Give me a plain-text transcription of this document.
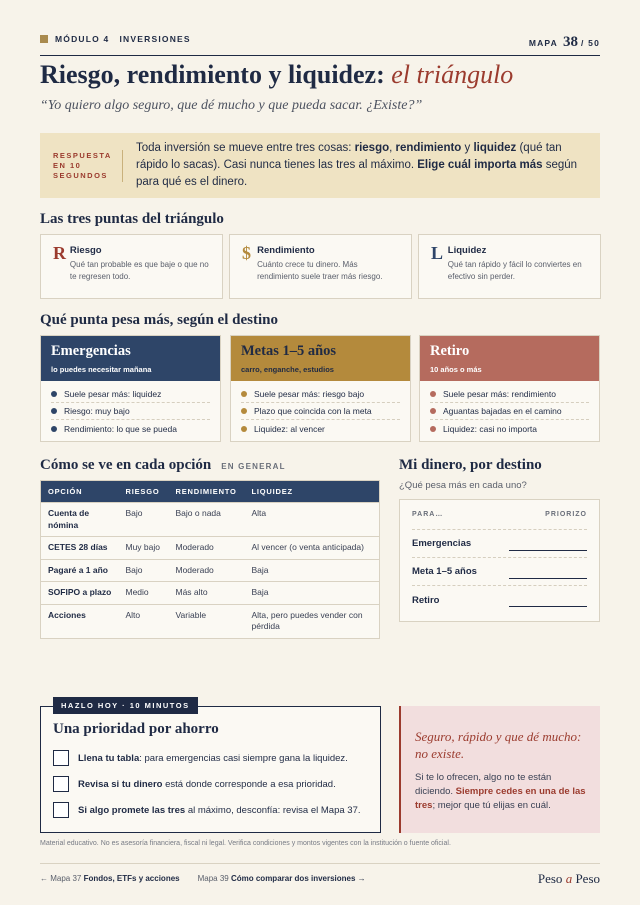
MÓDULO 4 INVERSIONES	MAPA 38 / 50
Riesgo, rendimiento y liquidez: el triángulo

“Yo quiero algo seguro, que dé mucho y que pueda sacar. ¿Existe?”

RESPUESTA
EN 10
SEGUNDOS

Toda inversión se mueve entre tres cosas: riesgo, rendimiento y liquidez (qué tan rápido lo sacas). Casi nunca tienes las tres al máximo. Elige cuál importa más según para qué es el dinero.

Las tres puntas del triángulo
R Riesgo
Qué tan probable es que baje o que no te regresen todo.
$ Rendimiento
Cuánto crece tu dinero. Más rendimiento suele traer más riesgo.
L Liquidez
Qué tan rápido y fácil lo conviertes en efectivo sin perder.
Qué punta pesa más, según el destino
Emergencias
lo puedes necesitar mañana
Suele pesar más: liquidez
Riesgo: muy bajo
Rendimiento: lo que se pueda
Metas 1–5 años
carro, enganche, estudios
Suele pesar más: riesgo bajo
Plazo que coincida con la meta
Liquidez: al vencer
Retiro
10 años o más
Suele pesar más: rendimiento
Aguantas bajadas en el camino
Liquidez: casi no importa
Cómo se ve en cada opción EN GENERAL
OPCIÓN	RIESGO	RENDIMIENTO	LIQUIDEZ
Cuenta de nómina	Bajo	Bajo o nada	Alta
CETES 28 días	Muy bajo	Moderado	Al vencer (o venta anticipada)
Pagaré a 1 año	Bajo	Moderado	Baja
SOFIPO a plazo	Medio	Más alto	Baja
Acciones	Alto	Variable	Alta, pero puedes vender con pérdida
Mi dinero, por destino

¿Qué pesa más en cada uno?

PARA…	PRIORIZO
Emergencias
Meta 1–5 años
Retiro
HAZLO HOY · 10 MINUTOS
Una prioridad por ahorro
Llena tu tabla: para emergencias casi siempre gana la liquidez.
Revisa si tu dinero está donde corresponde a esa prioridad.
Si algo promete las tres al máximo, desconfía: revisa el Mapa 37.

Seguro, rápido y que dé mucho: no existe.

Si te lo ofrecen, algo no te están diciendo. Siempre cedes en una de las tres; mejor que tú elijas en cuál.

Material educativo. No es asesoría financiera, fiscal ni legal. Verifica condiciones y montos vigentes con la institución o fuente oficial.

← Mapa 37 Fondos, ETFs y acciones Mapa 39 Cómo comparar dos inversiones →	Peso a Peso
